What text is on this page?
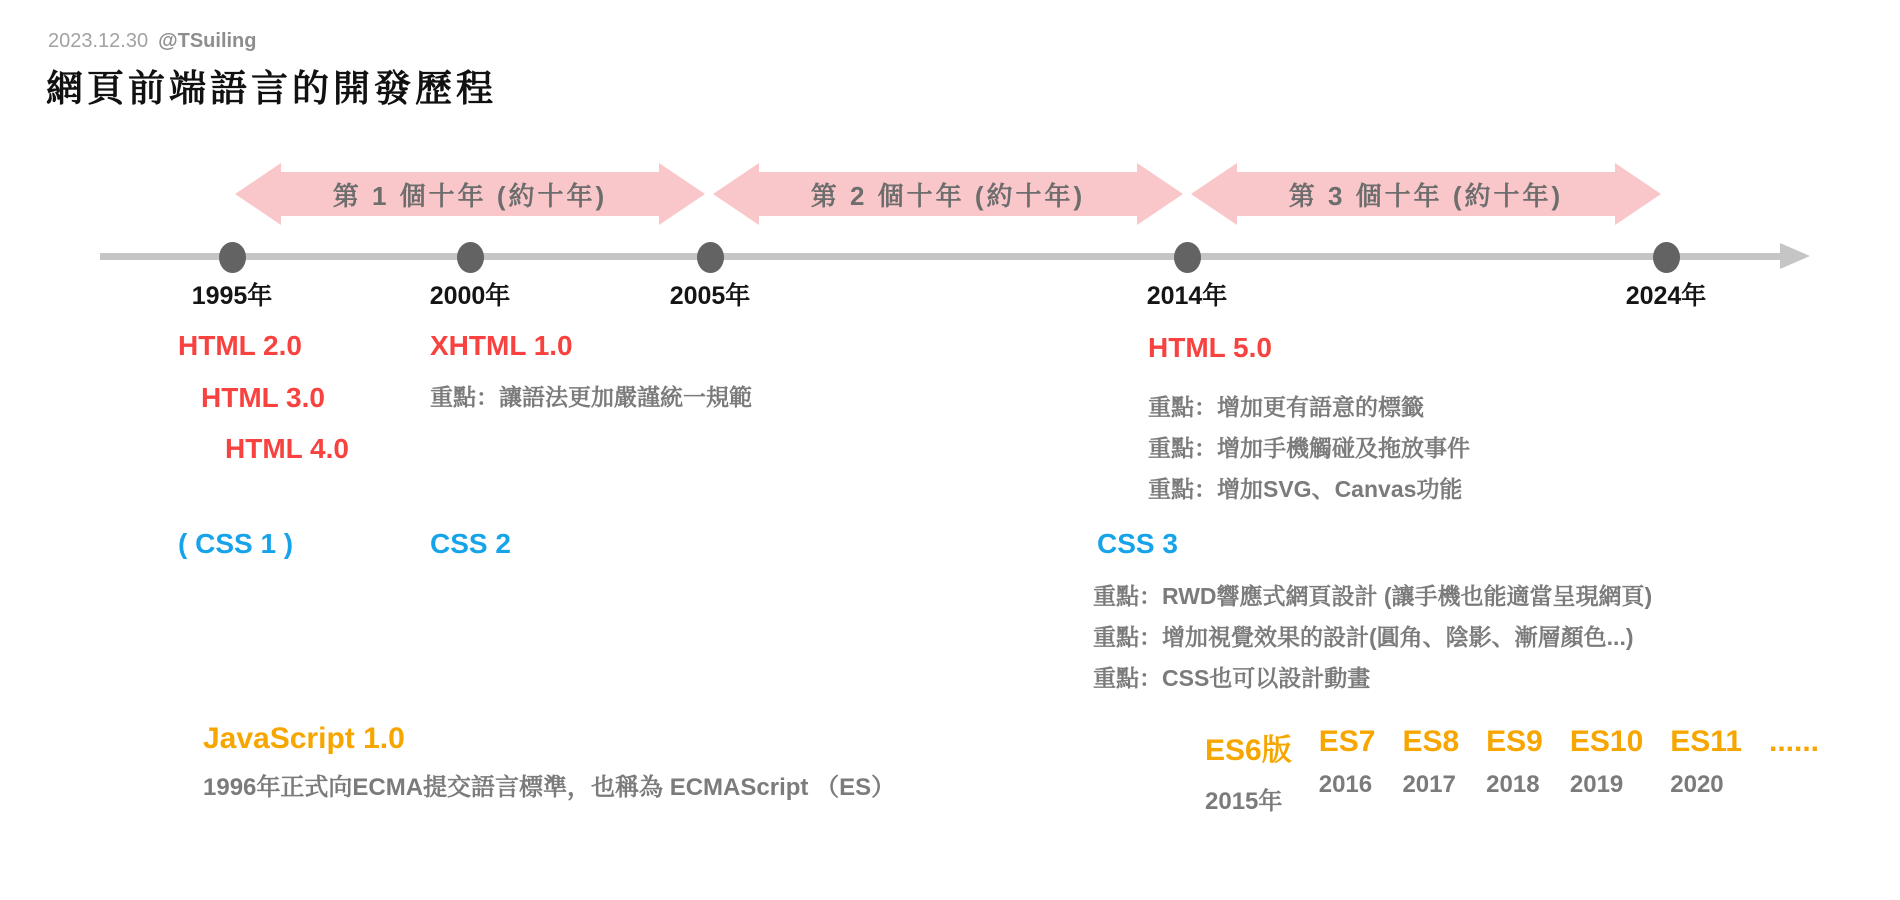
2023.12.30 @TSuiling
網頁前端語言的開發歷程
第 1 個十年 (約十年)	第 2 個十年 (約十年)	第 3 個十年 (約十年)
1995年	2000年	2005年	2014年	2024年
HTML 2.0
HTML 3.0
HTML 4.0
XHTML 1.0
重點：讓語法更加嚴謹統一規範
HTML 5.0
重點：增加更有語意的標籤
重點：增加手機觸碰及拖放事件
重點：增加SVG、Canvas功能
( CSS 1 )	CSS 2	CSS 3
重點：RWD響應式網頁設計 (讓手機也能適當呈現網頁)
重點：增加視覺效果的設計(圓角、陰影、漸層顏色...)
重點：CSS也可以設計動畫
JavaScript 1.0
1996年正式向ECMA提交語言標準，也稱為 ECMAScript （ES）
ES6版
2015年
ES7
2016
ES8
2017
ES9
2018
ES10
2019
ES11
2020
......
